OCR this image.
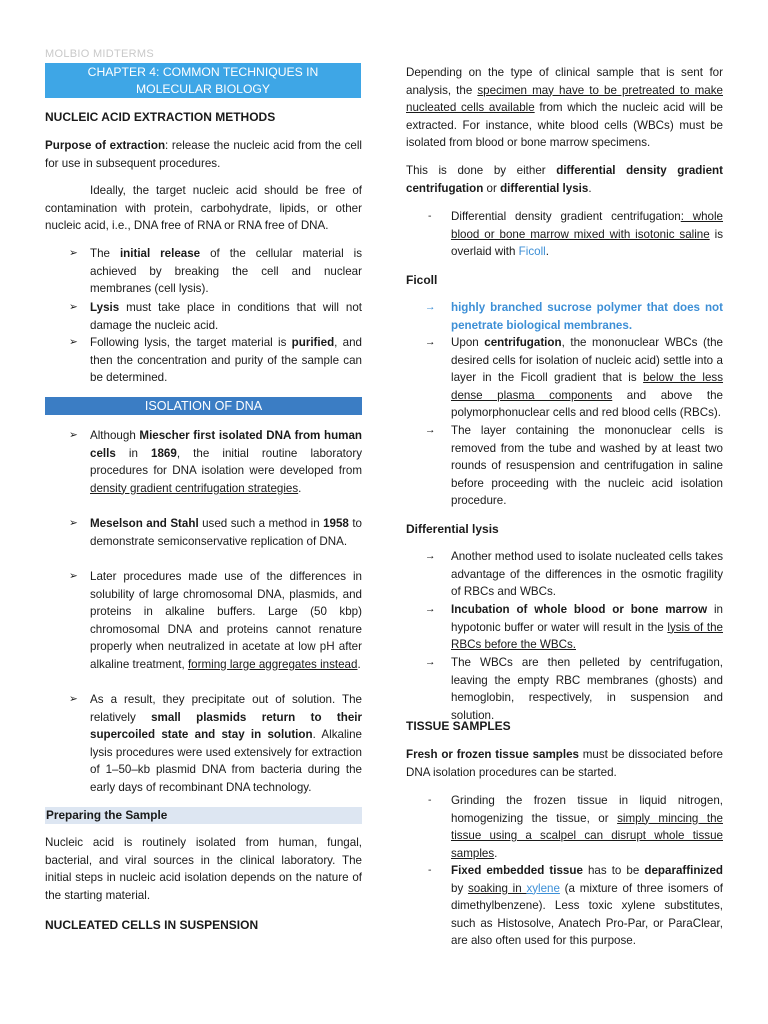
MOLBIO MIDTERMS
CHAPTER 4: COMMON TECHNIQUES IN MOLECULAR BIOLOGY
NUCLEIC ACID EXTRACTION METHODS

Purpose of extraction: release the nucleic acid from the cell for use in subsequent procedures.

Ideally, the target nucleic acid should be free of contamination with protein, carbohydrate, lipids, or other nucleic acid, i.e., DNA free of RNA or RNA free of DNA.

➢	The initial release of the cellular material is achieved by breaking the cell and nuclear membranes (cell lysis).
➢	Lysis must take place in conditions that will not damage the nucleic acid.
➢	Following lysis, the target material is purified, and then the concentration and purity of the sample can be determined.
ISOLATION OF DNA
➢	Although Miescher first isolated DNA from human cells in 1869, the initial routine laboratory procedures for DNA isolation were developed from density gradient centrifugation strategies.
➢	Meselson and Stahl used such a method in 1958 to demonstrate semiconservative replication of DNA.
➢	Later procedures made use of the differences in solubility of large chromosomal DNA, plasmids, and proteins in alkaline buffers. Large (50 kbp) chromosomal DNA and proteins cannot renature properly when neutralized in acetate at low pH after alkaline treatment, forming large aggregates instead.
➢	As a result, they precipitate out of solution. The relatively small plasmids return to their supercoiled state and stay in solution. Alkaline lysis procedures were used extensively for extraction of 1–50–kb plasmid DNA from bacteria during the early days of recombinant DNA technology.
Preparing the Sample

Nucleic acid is routinely isolated from human, fungal, bacterial, and viral sources in the clinical laboratory. The initial steps in nucleic acid isolation depends on the nature of the starting material.

NUCLEATED CELLS IN SUSPENSION

Depending on the type of clinical sample that is sent for analysis, the specimen may have to be pretreated to make nucleated cells available from which the nucleic acid will be extracted. For instance, white blood cells (WBCs) must be isolated from blood or bone marrow specimens.

This is done by either differential density gradient centrifugation or differential lysis.

-	Differential density gradient centrifugation: whole blood or bone marrow mixed with isotonic saline is overlaid with Ficoll.
Ficoll
→	highly branched sucrose polymer that does not penetrate biological membranes.
→	Upon centrifugation, the mononuclear WBCs (the desired cells for isolation of nucleic acid) settle into a layer in the Ficoll gradient that is below the less dense plasma components and above the polymorphonuclear cells and red blood cells (RBCs).
→	The layer containing the mononuclear cells is removed from the tube and washed by at least two rounds of resuspension and centrifugation in saline before proceeding with the nucleic acid isolation procedure.
Differential lysis
→	Another method used to isolate nucleated cells takes advantage of the differences in the osmotic fragility of RBCs and WBCs.
→	Incubation of whole blood or bone marrow in hypotonic buffer or water will result in the lysis of the RBCs before the WBCs.
→	The WBCs are then pelleted by centrifugation, leaving the empty RBC membranes (ghosts) and hemoglobin, respectively, in suspension and solution.
TISSUE SAMPLES

Fresh or frozen tissue samples must be dissociated before DNA isolation procedures can be started.

-	Grinding the frozen tissue in liquid nitrogen, homogenizing the tissue, or simply mincing the tissue using a scalpel can disrupt whole tissue samples.
-	Fixed embedded tissue has to be deparaffinized by soaking in xylene (a mixture of three isomers of dimethylbenzene). Less toxic xylene substitutes, such as Histosolve, Anatech Pro-Par, or ParaClear, are also often used for this purpose.
